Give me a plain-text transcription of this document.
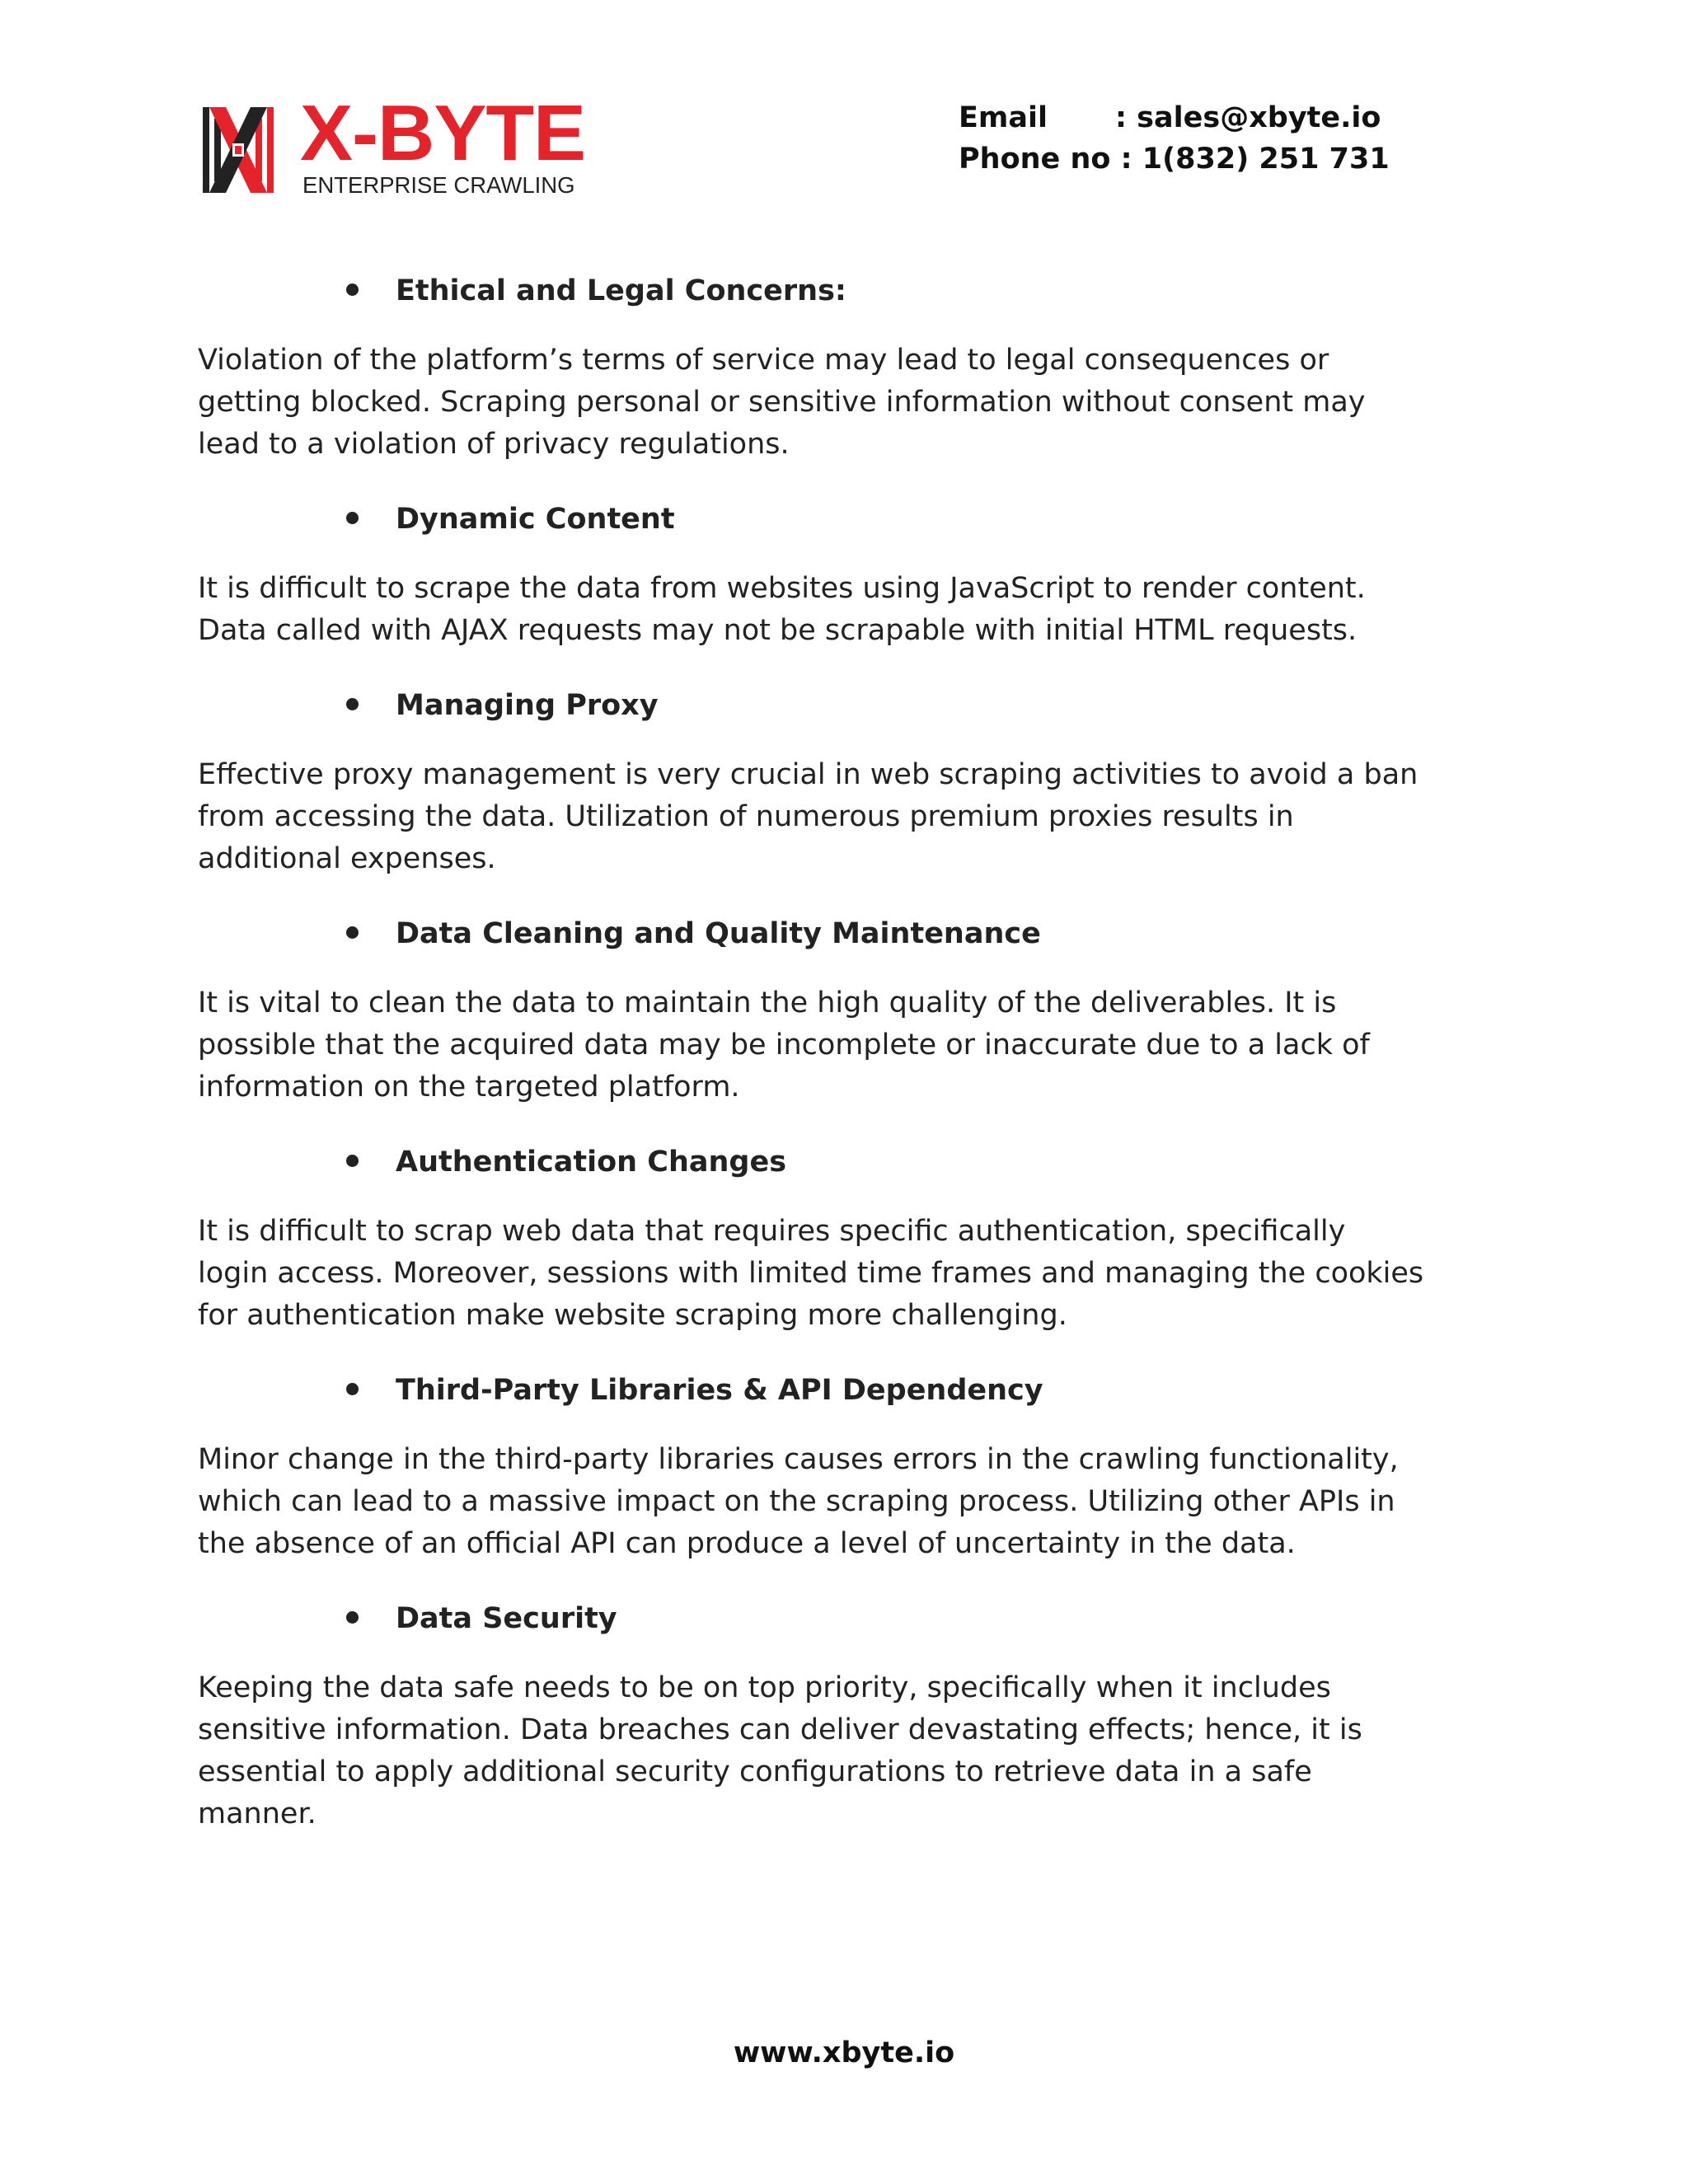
X-BYTE
ENTERPRISE CRAWLING
Email : sales@xbyte.io
Phone no : 1(832) 251 731
Ethical and Legal Concerns:

Violation of the platform’s terms of service may lead to legal consequences or
getting blocked. Scraping personal or sensitive information without consent may
lead to a violation of privacy regulations.

Dynamic Content

It is difficult to scrape the data from websites using JavaScript to render content.
Data called with AJAX requests may not be scrapable with initial HTML requests.

Managing Proxy

Effective proxy management is very crucial in web scraping activities to avoid a ban
from accessing the data. Utilization of numerous premium proxies results in
additional expenses.

Data Cleaning and Quality Maintenance

It is vital to clean the data to maintain the high quality of the deliverables. It is
possible that the acquired data may be incomplete or inaccurate due to a lack of
information on the targeted platform.

Authentication Changes

It is difficult to scrap web data that requires specific authentication, specifically
login access. Moreover, sessions with limited time frames and managing the cookies
for authentication make website scraping more challenging.

Third-Party Libraries & API Dependency

Minor change in the third-party libraries causes errors in the crawling functionality,
which can lead to a massive impact on the scraping process. Utilizing other APIs in
the absence of an official API can produce a level of uncertainty in the data.

Data Security

Keeping the data safe needs to be on top priority, specifically when it includes
sensitive information. Data breaches can deliver devastating effects; hence, it is
essential to apply additional security configurations to retrieve data in a safe
manner.

www.xbyte.io
